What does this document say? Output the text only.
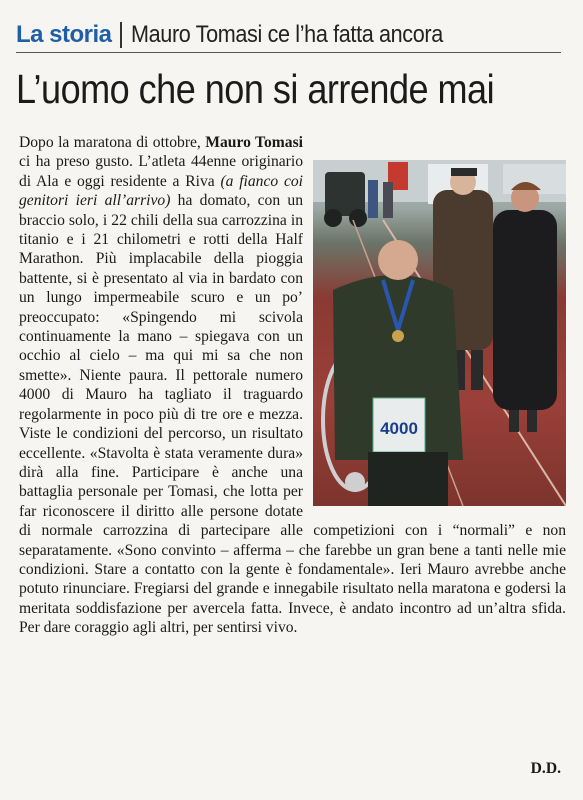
La storia Mauro Tomasi ce l’ha fatta ancora
L’uomo che non si arrende mai
4000

Dopo la maratona di ottobre, Mauro Tomasi ci ha preso gusto. L’atleta 44enne originario di Ala e oggi residente a Riva (a fianco coi genitori ieri all’arrivo) ha domato, con un braccio solo, i 22 chili della sua carrozzina in titanio e i 21 chilometri e rotti della Half Marathon. Più implacabile della pioggia battente, si è presentato al via in bardato con un lungo impermeabile scuro e un po’ preoccupato: «Spingendo mi scivola continuamente la mano – spiegava con un occhio al cielo – ma qui mi sa che non smette». Niente paura. Il pettorale numero 4000 di Mauro ha tagliato il traguardo regolarmente in poco più di tre ore e mezza. Viste le condizioni del percorso, un risultato eccellente. «Stavolta è stata veramente dura» dirà alla fine. Participare è anche una battaglia personale per Tomasi, che lotta per far riconoscere il diritto alle persone dotate di normale carrozzina di partecipare alle competizioni con i “normali” e non separatamente. «Sono convinto – afferma – che farebbe un gran bene a tanti nelle mie condizioni. Stare a contatto con la gente è fondamentale». Ieri Mauro avrebbe anche potuto rinunciare. Fregiarsi del grande e innegabile risultato nella maratona e godersi la meritata soddisfazione per avercela fatta. Invece, è andato incontro ad un’altra sfida. Per dare coraggio agli altri, per sentirsi vivo.

D.D.
